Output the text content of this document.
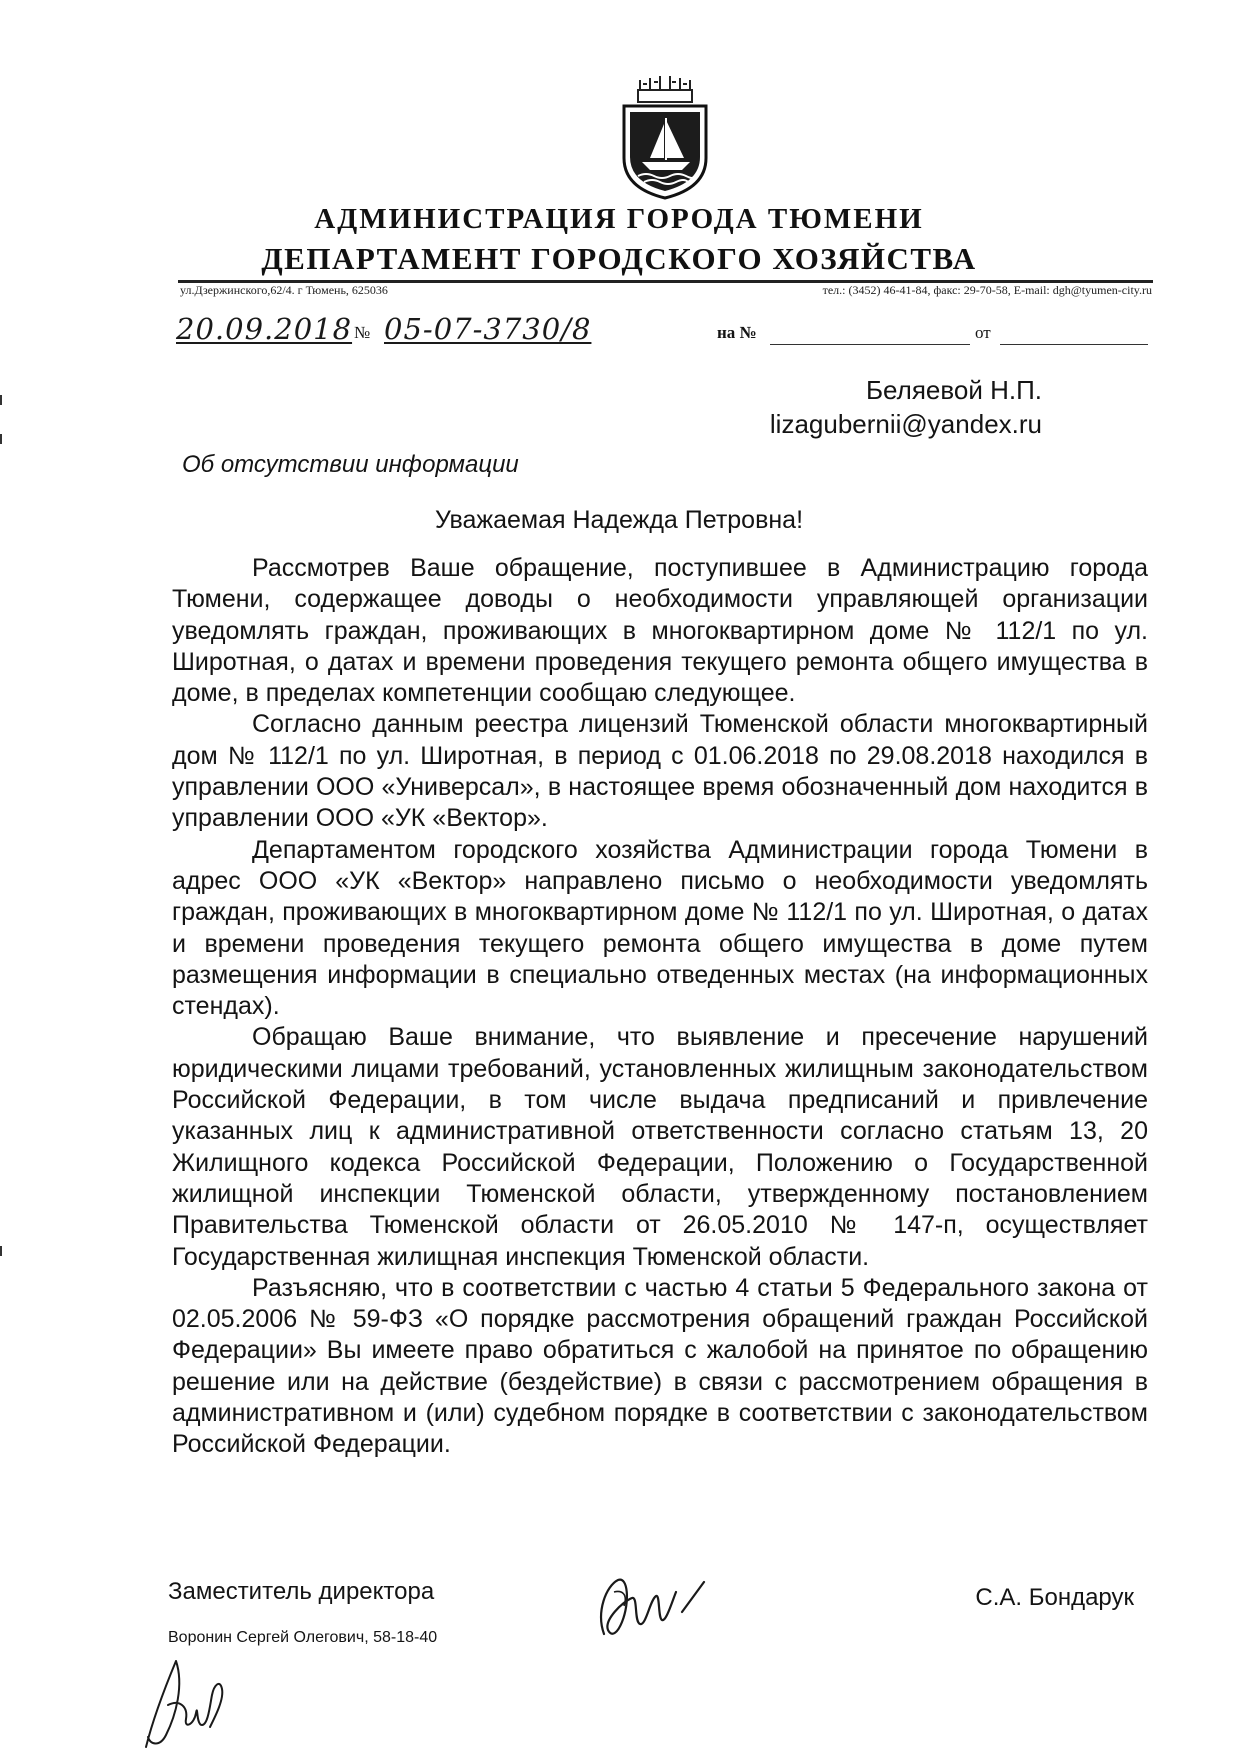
АДМИНИСТРАЦИЯ ГОРОДА ТЮМЕНИ
ДЕПАРТАМЕНТ ГОРОДСКОГО ХОЗЯЙСТВА
ул.Дзержинского,62/4. г Тюмень, 625036	тел.: (3452) 46-41-84, факс: 29-70-58, E-mail: dgh@tyumen-city.ru
20.09.2018 № 05-07-3730/8	на №	от
Беляевой Н.П.
lizagubernii@yandex.ru
Об отсутствии информации
Уважаемая Надежда Петровна!

Рассмотрев Ваше обращение, поступившее в Администрацию города Тюмени, содержащее доводы о необходимости управляющей организации уведомлять граждан, проживающих в многоквартирном доме № 112/1 по ул. Широтная, о датах и времени проведения текущего ремонта общего имущества в доме, в пределах компетенции сообщаю следующее.

Согласно данным реестра лицензий Тюменской области многоквартирный дом № 112/1 по ул. Широтная, в период с 01.06.2018 по 29.08.2018 находился в управлении ООО «Универсал», в настоящее время обозначенный дом находится в управлении ООО «УК «Вектор».

Департаментом городского хозяйства Администрации города Тюмени в адрес ООО «УК «Вектор» направлено письмо о необходимости уведомлять граждан, проживающих в многоквартирном доме № 112/1 по ул. Широтная, о датах и времени проведения текущего ремонта общего имущества в доме путем размещения информации в специально отведенных местах (на информационных стендах).

Обращаю Ваше внимание, что выявление и пресечение нарушений юридическими лицами требований, установленных жилищным законодательством Российской Федерации, в том числе выдача предписаний и привлечение указанных лиц к административной ответственности согласно статьям 13, 20 Жилищного кодекса Российской Федерации, Положению о Государственной жилищной инспекции Тюменской области, утвержденному постановлением Правительства Тюменской области от 26.05.2010 № 147-п, осуществляет Государственная жилищная инспекция Тюменской области.

Разъясняю, что в соответствии с частью 4 статьи 5 Федерального закона от 02.05.2006 № 59-ФЗ «О порядке рассмотрения обращений граждан Российской Федерации» Вы имеете право обратиться с жалобой на принятое по обращению решение или на действие (бездействие) в связи с рассмотрением обращения в административном и (или) судебном порядке в соответствии с законодательством Российской Федерации.

Заместитель директора	С.А. Бондарук
Воронин Сергей Олегович, 58-18-40
